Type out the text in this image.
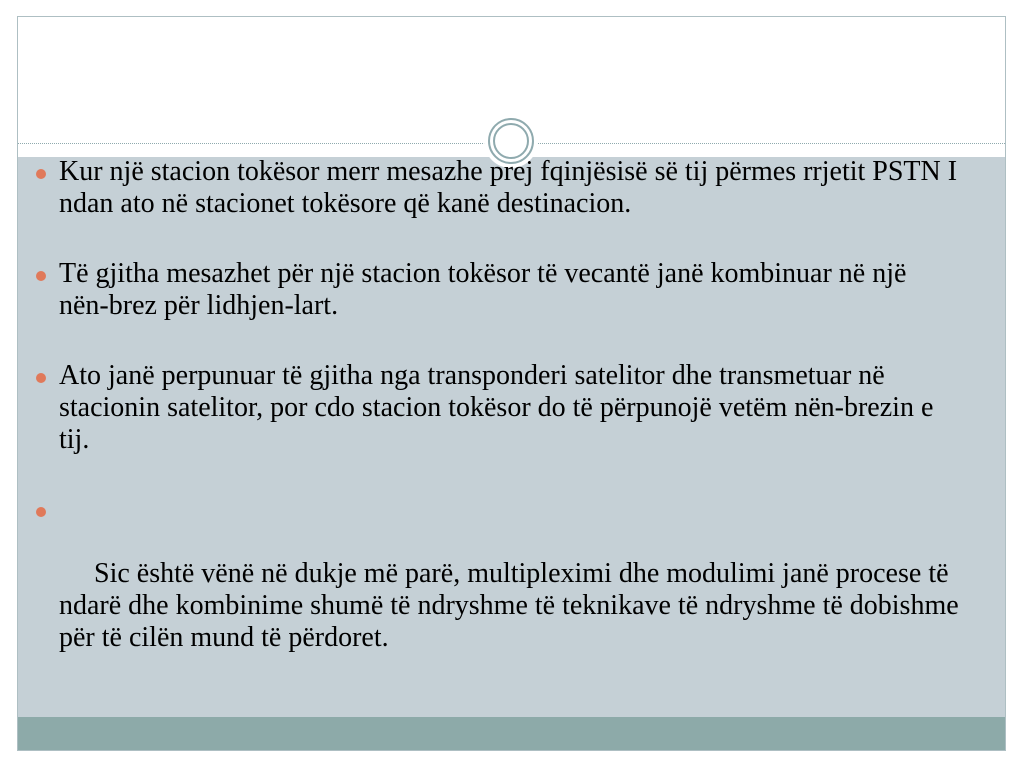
Kur një stacion tokësor merr mesazhe prej fqinjësisë së tij përmes rrjetit PSTN I ndan ato në stacionet tokësore që kanë destinacion.
Të gjitha mesazhet për një stacion tokësor të vecantë janë kombinuar në një nën-brez për lidhjen-lart.
Ato janë perpunuar të gjitha nga transponderi satelitor dhe transmetuar në stacionin satelitor, por cdo stacion tokësor do të përpunojë vetëm nën-brezin e tij.

Sic është vënë në dukje më parë, multipleximi dhe modulimi janë procese të ndarë dhe kombinime shumë të ndryshme të teknikave të ndryshme të dobishme për të cilën mund të përdoret.
